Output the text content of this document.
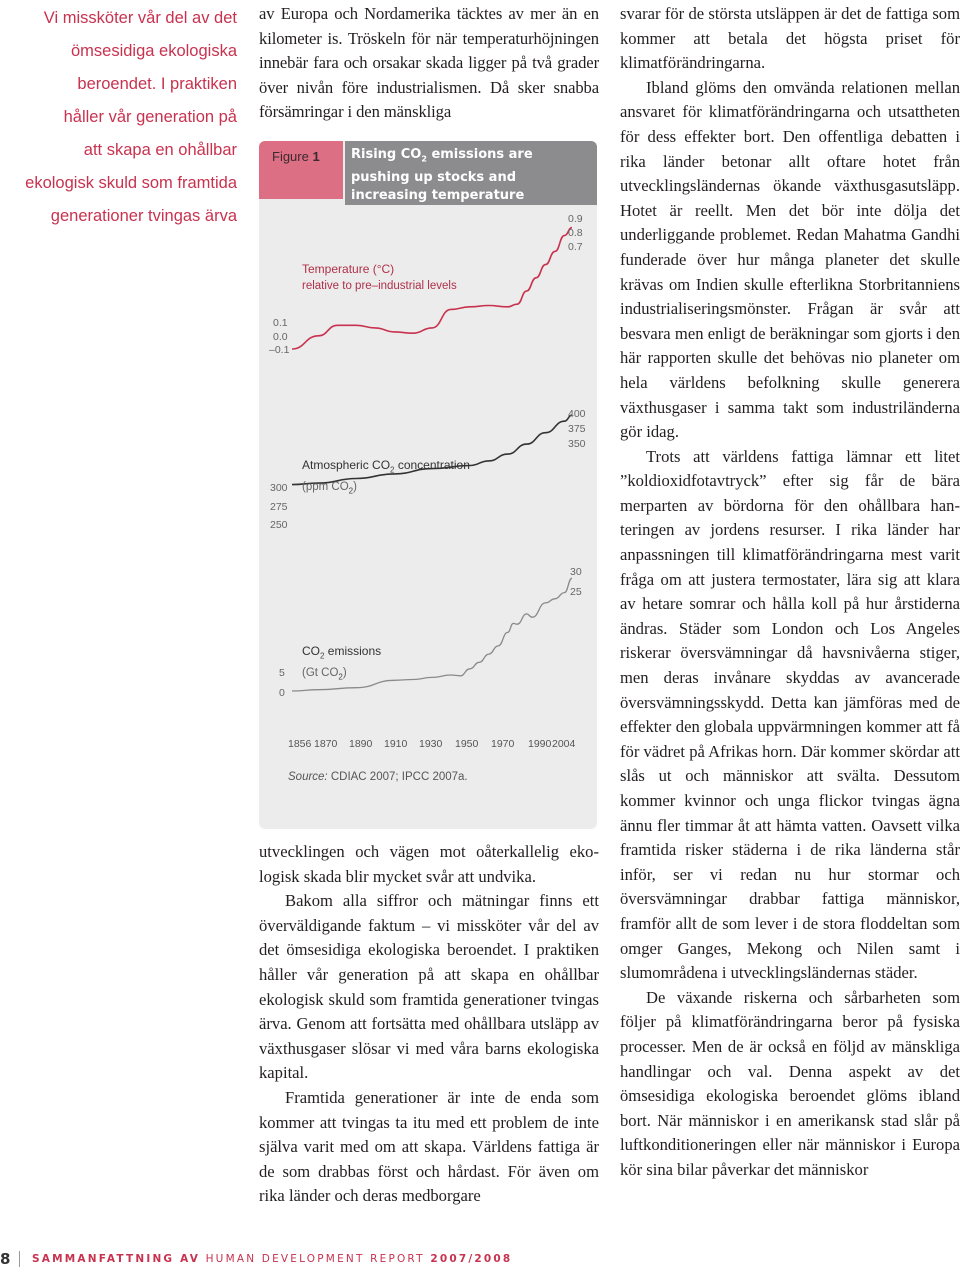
Vi missköter vår del av det
ömsesidiga ekologiska
beroendet. I praktiken
håller vår generation på
att skapa en ohållbar
ekologisk skuld som framtida
generationer tvingas ärva

av Europa och Nordamerika täcktes av mer än en kilometer is. Tröskeln för när temperaturhöjningen innebär fara och orsakar skada ligger på två grader över nivån före industrialismen. Då sker snabba försämringar i den mänskliga

Figure 1	Rising $CO_2$ emissions are pushing up stocks and increasing temperature
Temperature (°C)
relative to pre–industrial levels
0.1
0.0
–0.1
0.9
0.8
0.7
Atmospheric $CO_2$ concentration
(ppm $CO_2$)
300
275
250
400
375
350
$CO_2$ emissions
(Gt $CO_2$)
5
0
30
25
1856 1870 1890 1910 1930 1950 1970 1990 2004
Source: CDIAC 2007; IPCC 2007a.

utvecklingen och vägen mot oåterkallelig ekologisk skada blir mycket svår att undvika.

Bakom alla siffror och mätningar finns ett överväldigande faktum – vi missköter vår del av det ömsesidiga ekologiska beroendet. I praktiken håller vår generation på att skapa en ohållbar ekologisk skuld som framtida generationer tvingas ärva. Genom att fortsätta med ohållbara utsläpp av växthusgaser slösar vi med våra barns ekologiska kapital.

Framtida generationer är inte de enda som kommer att tvingas ta itu med ett problem de inte själva varit med om att skapa. Världens fattiga är de som drabbas först och hårdast. För även om rika länder och deras medborgare

svarar för de största utsläppen är det de fattiga som kommer att betala det högsta priset för klimatförändringarna.

Ibland glöms den omvända relationen mellan ansvaret för klimatförändringarna och utsattheten för dess effekter bort. Den offentliga debatten i rika länder betonar allt oftare hotet från utvecklingsländernas ökande växthusgasutsläpp. Hotet är reellt. Men det bör inte dölja det underliggande problemet. Redan Mahatma Gandhi funderade över hur många planeter det skulle krävas om Indien skulle efterlikna Storbritanniens industrialiseringsmönster. Frågan är svår att besvara men enligt de beräkningar som gjorts i den här rapporten skulle det behövas nio planeter om hela världens befolkning skulle generera växthusgaser i samma takt som industriländerna gör idag.

Trots att världens fattiga lämnar ett litet ”koldioxidfotavtryck” efter sig får de bära merparten av bördorna för den ohållbara hanteringen av jordens resurser. I rika länder har anpassningen till klimatförändringarna mest varit fråga om att justera termostater, lära sig att klara av hetare somrar och hålla koll på hur årstiderna ändras. Städer som London och Los Angeles riskerar översvämningar då havsnivåerna stiger, men deras invånare skyddas av avancerade översvämningsskydd. Detta kan jämföras med de effekter den globala uppvärmningen kommer att få för vädret på Afrikas horn. Där kommer skördar att slås ut och människor att svälta. Dessutom kommer kvinnor och unga flickor tvingas ägna ännu fler timmar åt att hämta vatten. Oavsett vilka framtida risker städerna i de rika länderna står inför, ser vi redan nu hur stormar och översvämningar drabbar fattiga människor, framför allt de som lever i de stora floddeltan som omger Ganges, Mekong och Nilen samt i slumområdena i utvecklingsländernas städer.

De växande riskerna och sårbarheten som följer på klimatförändringarna beror på fysiska processer. Men de är också en följd av mänskliga handlingar och val. Denna aspekt av det ömsesidiga ekologiska beroendet glöms ibland bort. När människor i en amerikansk stad slår på luftkonditioneringen eller när människor i Europa kör sina bilar påverkar det människor

8 SAMMANFATTNING AV HUMAN DEVELOPMENT REPORT 2007/2008
